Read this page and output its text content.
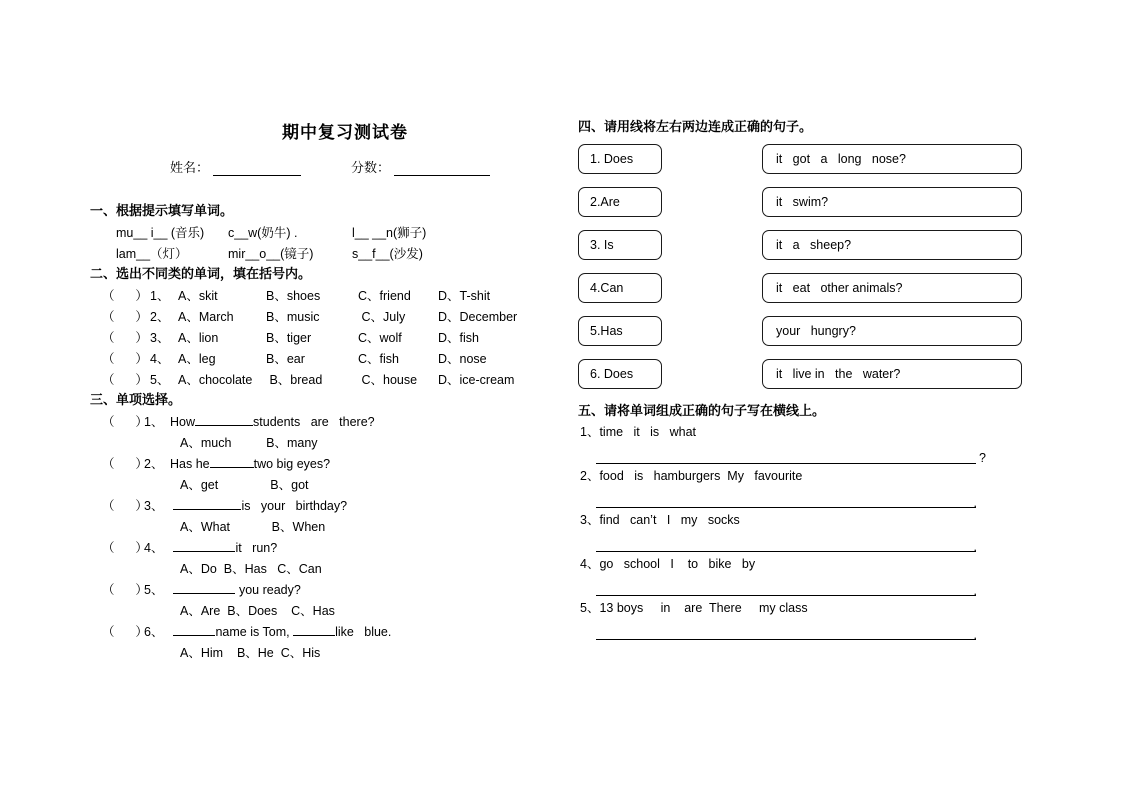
期中复习测试卷
姓名：	分数：
一、根据提示填写单词。
mu__ i__ (音乐)	c__w(奶牛) .	l__ __n(狮子)
lam__（灯）	mir__o__(镜子)	s__f__(沙发)
二、选出不同类的单词，填在括号内。
（      ） 1、 A、skit	B、shoes	C、friend	D、T-shit
（      ） 2、 A、March	B、music	C、July	D、December
（      ） 3、 A、lion	B、tiger	C、wolf	D、fish
（      ） 4、 A、leg	B、ear	C、fish	D、nose
（      ） 5、 A、chocolate	B、bread	C、house	D、ice-cream
三、单项选择。
（      ）
1、 How	students   are   there?
A、much          B、many
（      ）
2、 Has he	two big eyes?
A、get               B、got
（      ）
3、
	is   your   birthday?
A、What            B、When
（      ）
4、
	it   run?
A、Do  B、Has   C、Can
（      ）
5、
	you ready?
A、Are  B、Does    C、Has
（      ）
6、
	name is Tom,	like   blue.
A、Him    B、He  C、His
四、请用线将左右两边连成正确的句子。
1. Does	it   got   a   long   nose?
2.Are	it   swim?
3. Is	it   a   sheep?
4.Can	it   eat   other animals?
5.Has	your   hungry?
6. Does	it   live in   the   water?
五、请将单词组成正确的句子写在横线上。
1、time   it   is   what
?
2、food   is   hamburgers  My   favourite
.
3、find   can’t   I   my   socks
.
4、go   school   I    to   bike   by
.
5、13 boys     in    are  There     my class
.
